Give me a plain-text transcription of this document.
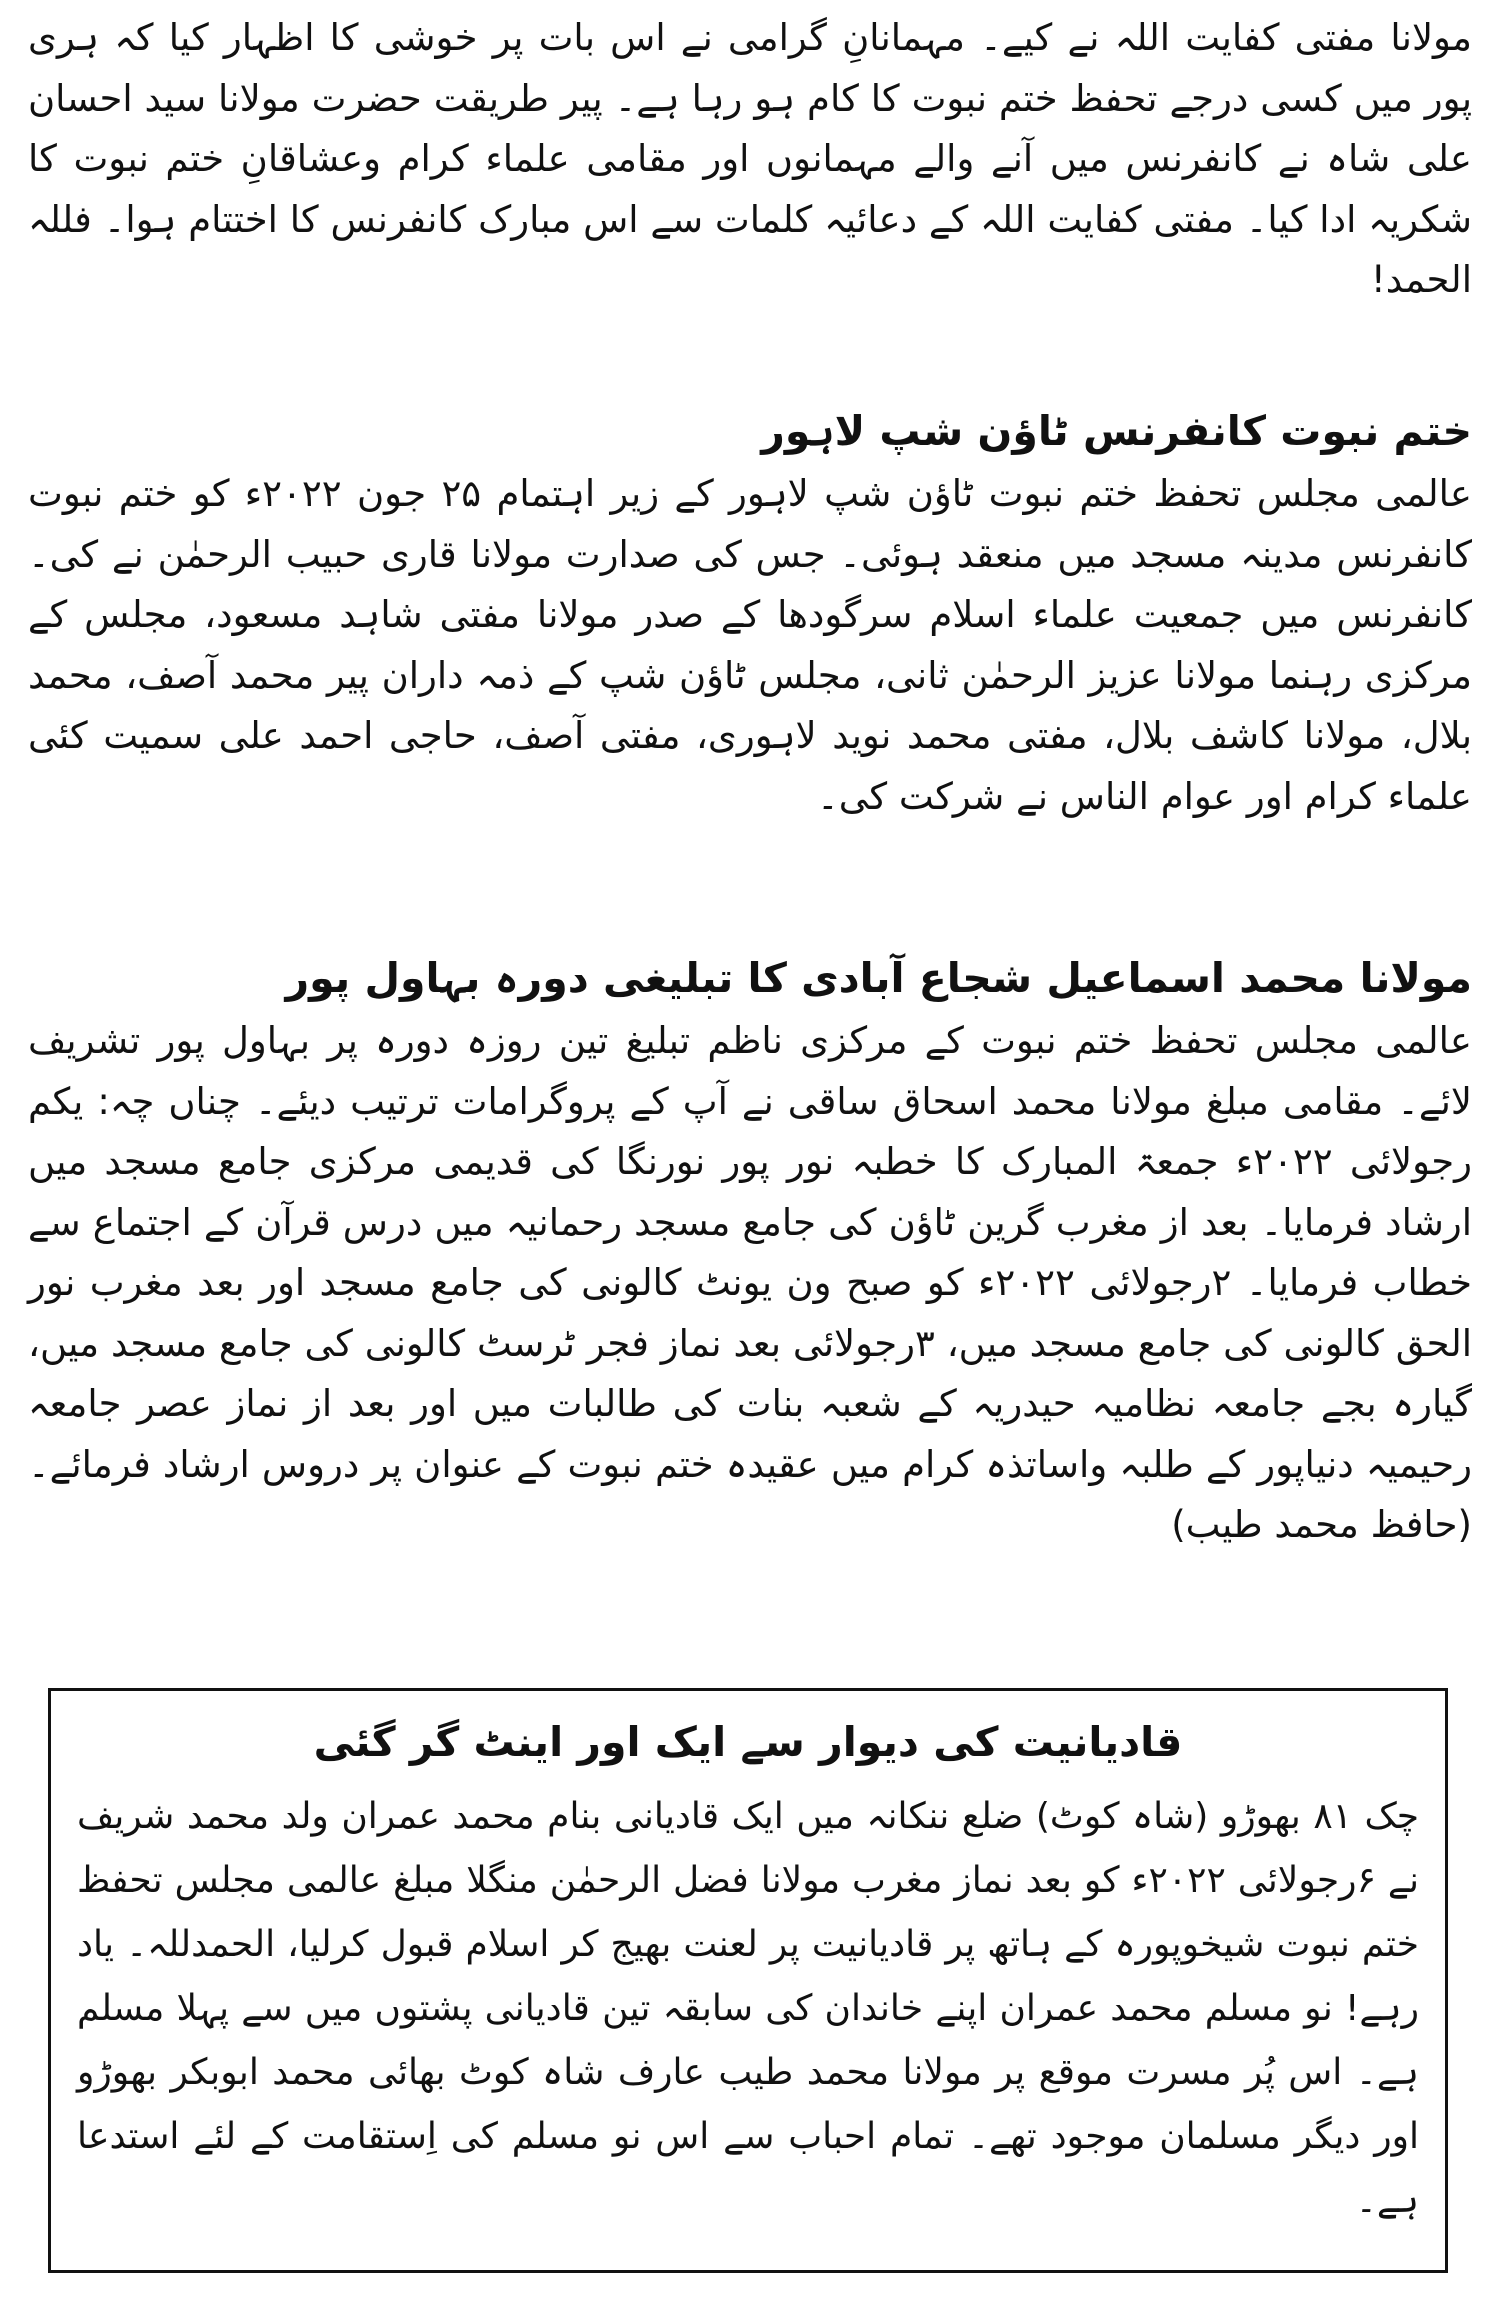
مولانا مفتی کفایت اللہ نے کیے۔ مہمانانِ گرامی نے اس بات پر خوشی کا اظہار کیا کہ ہری پور میں کسی درجے تحفظ ختم نبوت کا کام ہو رہا ہے۔ پیر طریقت حضرت مولانا سید احسان علی شاہ نے کانفرنس میں آنے والے مہمانوں اور مقامی علماء کرام وعشاقانِ ختم نبوت کا شکریہ ادا کیا۔ مفتی کفایت اللہ کے دعائیہ کلمات سے اس مبارک کانفرنس کا اختتام ہوا۔ فللہ الحمد!

ختم نبوت کانفرنس ٹاؤن شپ لاہور

عالمی مجلس تحفظ ختم نبوت ٹاؤن شپ لاہور کے زیر اہتمام ۲۵ جون ۲۰۲۲ء کو ختم نبوت کانفرنس مدینہ مسجد میں منعقد ہوئی۔ جس کی صدارت مولانا قاری حبیب الرحمٰن نے کی۔ کانفرنس میں جمعیت علماء اسلام سرگودھا کے صدر مولانا مفتی شاہد مسعود، مجلس کے مرکزی رہنما مولانا عزیز الرحمٰن ثانی، مجلس ٹاؤن شپ کے ذمہ داران پیر محمد آصف، محمد بلال، مولانا کاشف بلال، مفتی محمد نوید لاہوری، مفتی آصف، حاجی احمد علی سمیت کئی علماء کرام اور عوام الناس نے شرکت کی۔

مولانا محمد اسماعیل شجاع آبادی کا تبلیغی دورہ بہاول پور

عالمی مجلس تحفظ ختم نبوت کے مرکزی ناظم تبلیغ تین روزہ دورہ پر بہاول پور تشریف لائے۔ مقامی مبلغ مولانا محمد اسحاق ساقی نے آپ کے پروگرامات ترتیب دیئے۔ چناں چہ: یکم رجولائی ۲۰۲۲ء جمعۃ المبارک کا خطبہ نور پور نورنگا کی قدیمی مرکزی جامع مسجد میں ارشاد فرمایا۔ بعد از مغرب گرین ٹاؤن کی جامع مسجد رحمانیہ میں درس قرآن کے اجتماع سے خطاب فرمایا۔ ۲رجولائی ۲۰۲۲ء کو صبح ون یونٹ کالونی کی جامع مسجد اور بعد مغرب نور الحق کالونی کی جامع مسجد میں، ۳رجولائی بعد نماز فجر ٹرسٹ کالونی کی جامع مسجد میں، گیارہ بجے جامعہ نظامیہ حیدریہ کے شعبہ بنات کی طالبات میں اور بعد از نماز عصر جامعہ رحیمیہ دنیاپور کے طلبہ واساتذہ کرام میں عقیدہ ختم نبوت کے عنوان پر دروس ارشاد فرمائے۔ (حافظ محمد طیب)

قادیانیت کی دیوار سے ایک اور اینٹ گر گئی

چک ۸۱ بھوڑو (شاہ کوٹ) ضلع ننکانہ میں ایک قادیانی بنام محمد عمران ولد محمد شریف نے ۶رجولائی ۲۰۲۲ء کو بعد نماز مغرب مولانا فضل الرحمٰن منگلا مبلغ عالمی مجلس تحفظ ختم نبوت شیخوپورہ کے ہاتھ پر قادیانیت پر لعنت بھیج کر اسلام قبول کرلیا، الحمدللہ۔ یاد رہے! نو مسلم محمد عمران اپنے خاندان کی سابقہ تین قادیانی پشتوں میں سے پہلا مسلم ہے۔ اس پُر مسرت موقع پر مولانا محمد طیب عارف شاہ کوٹ بھائی محمد ابوبکر بھوڑو اور دیگر مسلمان موجود تھے۔ تمام احباب سے اس نو مسلم کی اِستقامت کے لئے استدعا ہے۔
